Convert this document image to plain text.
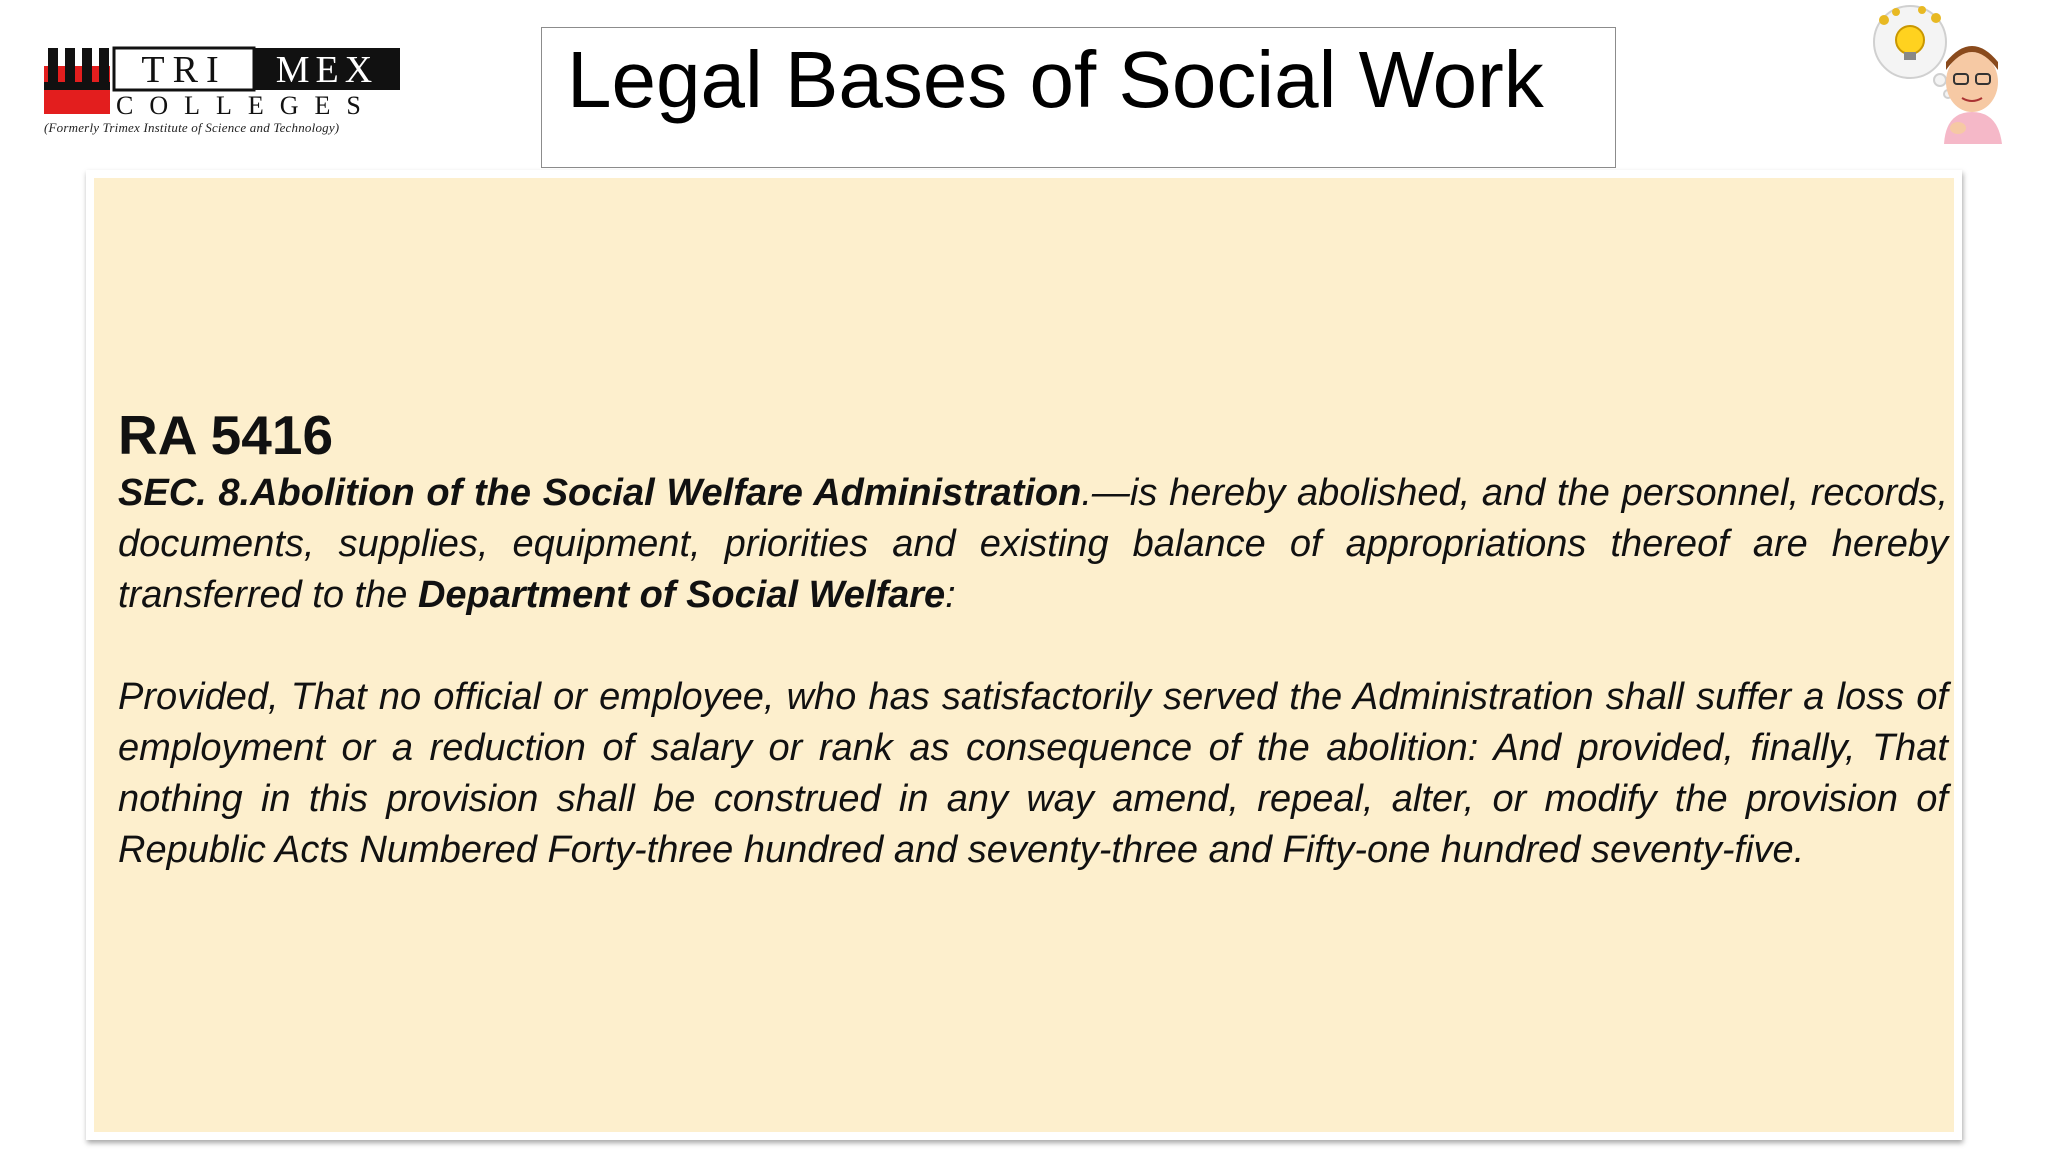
TRI MEX
COLLEGES
(Formerly Trimex Institute of Science and Technology)
Legal Bases of Social Work
RA 5416

SEC. 8.Abolition of the Social Welfare Administration.—is hereby abolished, and the personnel, records, documents, supplies, equipment, priorities and existing balance of appropriations thereof are hereby transferred to the Department of Social Welfare:

Provided, That no official or employee, who has satisfactorily served the Administration shall suffer a loss of employment or a reduction of salary or rank as consequence of the abolition: And provided, finally, That nothing in this provision shall be construed in any way amend, repeal, alter, or modify the provision of Republic Acts Numbered Forty-three hundred and seventy-three and Fifty-one hundred seventy-five.
